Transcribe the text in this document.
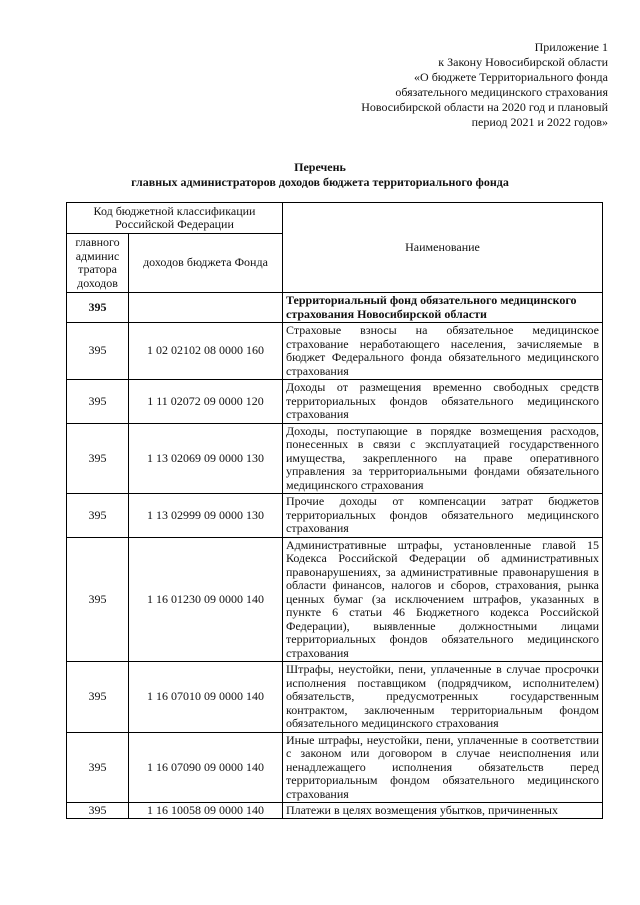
Приложение 1
к Закону Новосибирской области
«О бюджете Территориального фонда
обязательного медицинского страхования
Новосибирской области на 2020 год и плановый
период 2021 и 2022 годов»
Перечень
главных администраторов доходов бюджета территориального фонда
Код бюджетной классификации Российской Федерации		Наименование
главного админис тратора доходов	доходов бюджета Фонда	
395		Территориальный фонд обязательного медицинского страхования Новосибирской области
395	1 02 02102 08 0000 160	Страховые взносы на обязательное медицинское страхование неработающего населения, зачисляемые в бюджет Федерального фонда обязательного медицинского страхования
395	1 11 02072 09 0000 120	Доходы от размещения временно свободных средств территориальных фондов обязательного медицинского страхования
395	1 13 02069 09 0000 130	Доходы, поступающие в порядке возмещения расходов, понесенных в связи с эксплуатацией государственного имущества, закрепленного на праве оперативного управления за территориальными фондами обязательного медицинского страхования
395	1 13 02999 09 0000 130	Прочие доходы от компенсации затрат бюджетов территориальных фондов обязательного медицинского страхования
395	1 16 01230 09 0000 140	Административные штрафы, установленные главой 15 Кодекса Российской Федерации об административных правонарушениях, за административные правонарушения в области финансов, налогов и сборов, страхования, рынка ценных бумаг (за исключением штрафов, указанных в пункте 6 статьи 46 Бюджетного кодекса Российской Федерации), выявленные должностными лицами территориальных фондов обязательного медицинского страхования
395	1 16 07010 09 0000 140	Штрафы, неустойки, пени, уплаченные в случае просрочки исполнения поставщиком (подрядчиком, исполнителем) обязательств, предусмотренных государственным контрактом, заключенным территориальным фондом обязательного медицинского страхования
395	1 16 07090 09 0000 140	Иные штрафы, неустойки, пени, уплаченные в соответствии с законом или договором в случае неисполнения или ненадлежащего исполнения обязательств перед территориальным фондом обязательного медицинского страхования

395	1 16 10058 09 0000 140	Платежи в целях возмещения убытков, причиненных
